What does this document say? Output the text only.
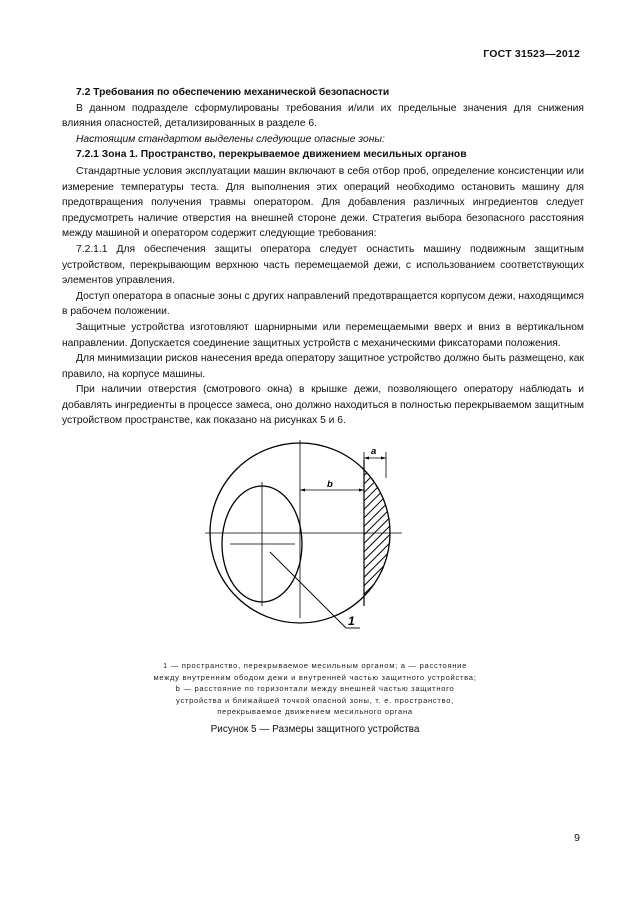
ГОСТ 31523—2012

7.2 Требования по обеспечению механической безопасности

В данном подразделе сформулированы требования и/или их предельные значения для снижения влияния опасностей, детализированных в разделе 6.

Настоящим стандартом выделены следующие опасные зоны:

7.2.1 Зона 1. Пространство, перекрываемое движением месильных органов

Стандартные условия эксплуатации машин включают в себя отбор проб, определение консистенции или измерение температуры теста. Для выполнения этих операций необходимо остановить машину для предотвращения получения травмы оператором. Для добавления различных ингредиентов следует предусмотреть наличие отверстия на внешней стороне дежи. Стратегия выбора безопасного расстояния между машиной и оператором содержит следующие требования:

7.2.1.1 Для обеспечения защиты оператора следует оснастить машину подвижным защитным устройством, перекрывающим верхнюю часть перемещаемой дежи, с использованием соответствующих элементов управления.

Доступ оператора в опасные зоны с других направлений предотвращается корпусом дежи, находящимся в рабочем положении.

Защитные устройства изготовляют шарнирными или перемещаемыми вверх и вниз в вертикальном направлении. Допускается соединение защитных устройств с механическими фиксаторами положения.

Для минимизации рисков нанесения вреда оператору защитное устройство должно быть размещено, как правило, на корпусе машины.

При наличии отверстия (смотрового окна) в крышке дежи, позволяющего оператору наблюдать и добавлять ингредиенты в процессе замеса, оно должно находиться в полностью перекрываемом защитным устройством пространстве, как показано на рисунках 5 и 6.

a
b
1
1 — пространство, перекрываемое месильным органом; a — расстояние
между внутренним ободом дежи и внутренней частью защитного устройства;
b — расстояние по горизонтали между внешней частью защитного
устройства и ближайшей точкой опасной зоны, т. е. пространство,
перекрываемое движением месильного органа
Рисунок 5 — Размеры защитного устройства
9
